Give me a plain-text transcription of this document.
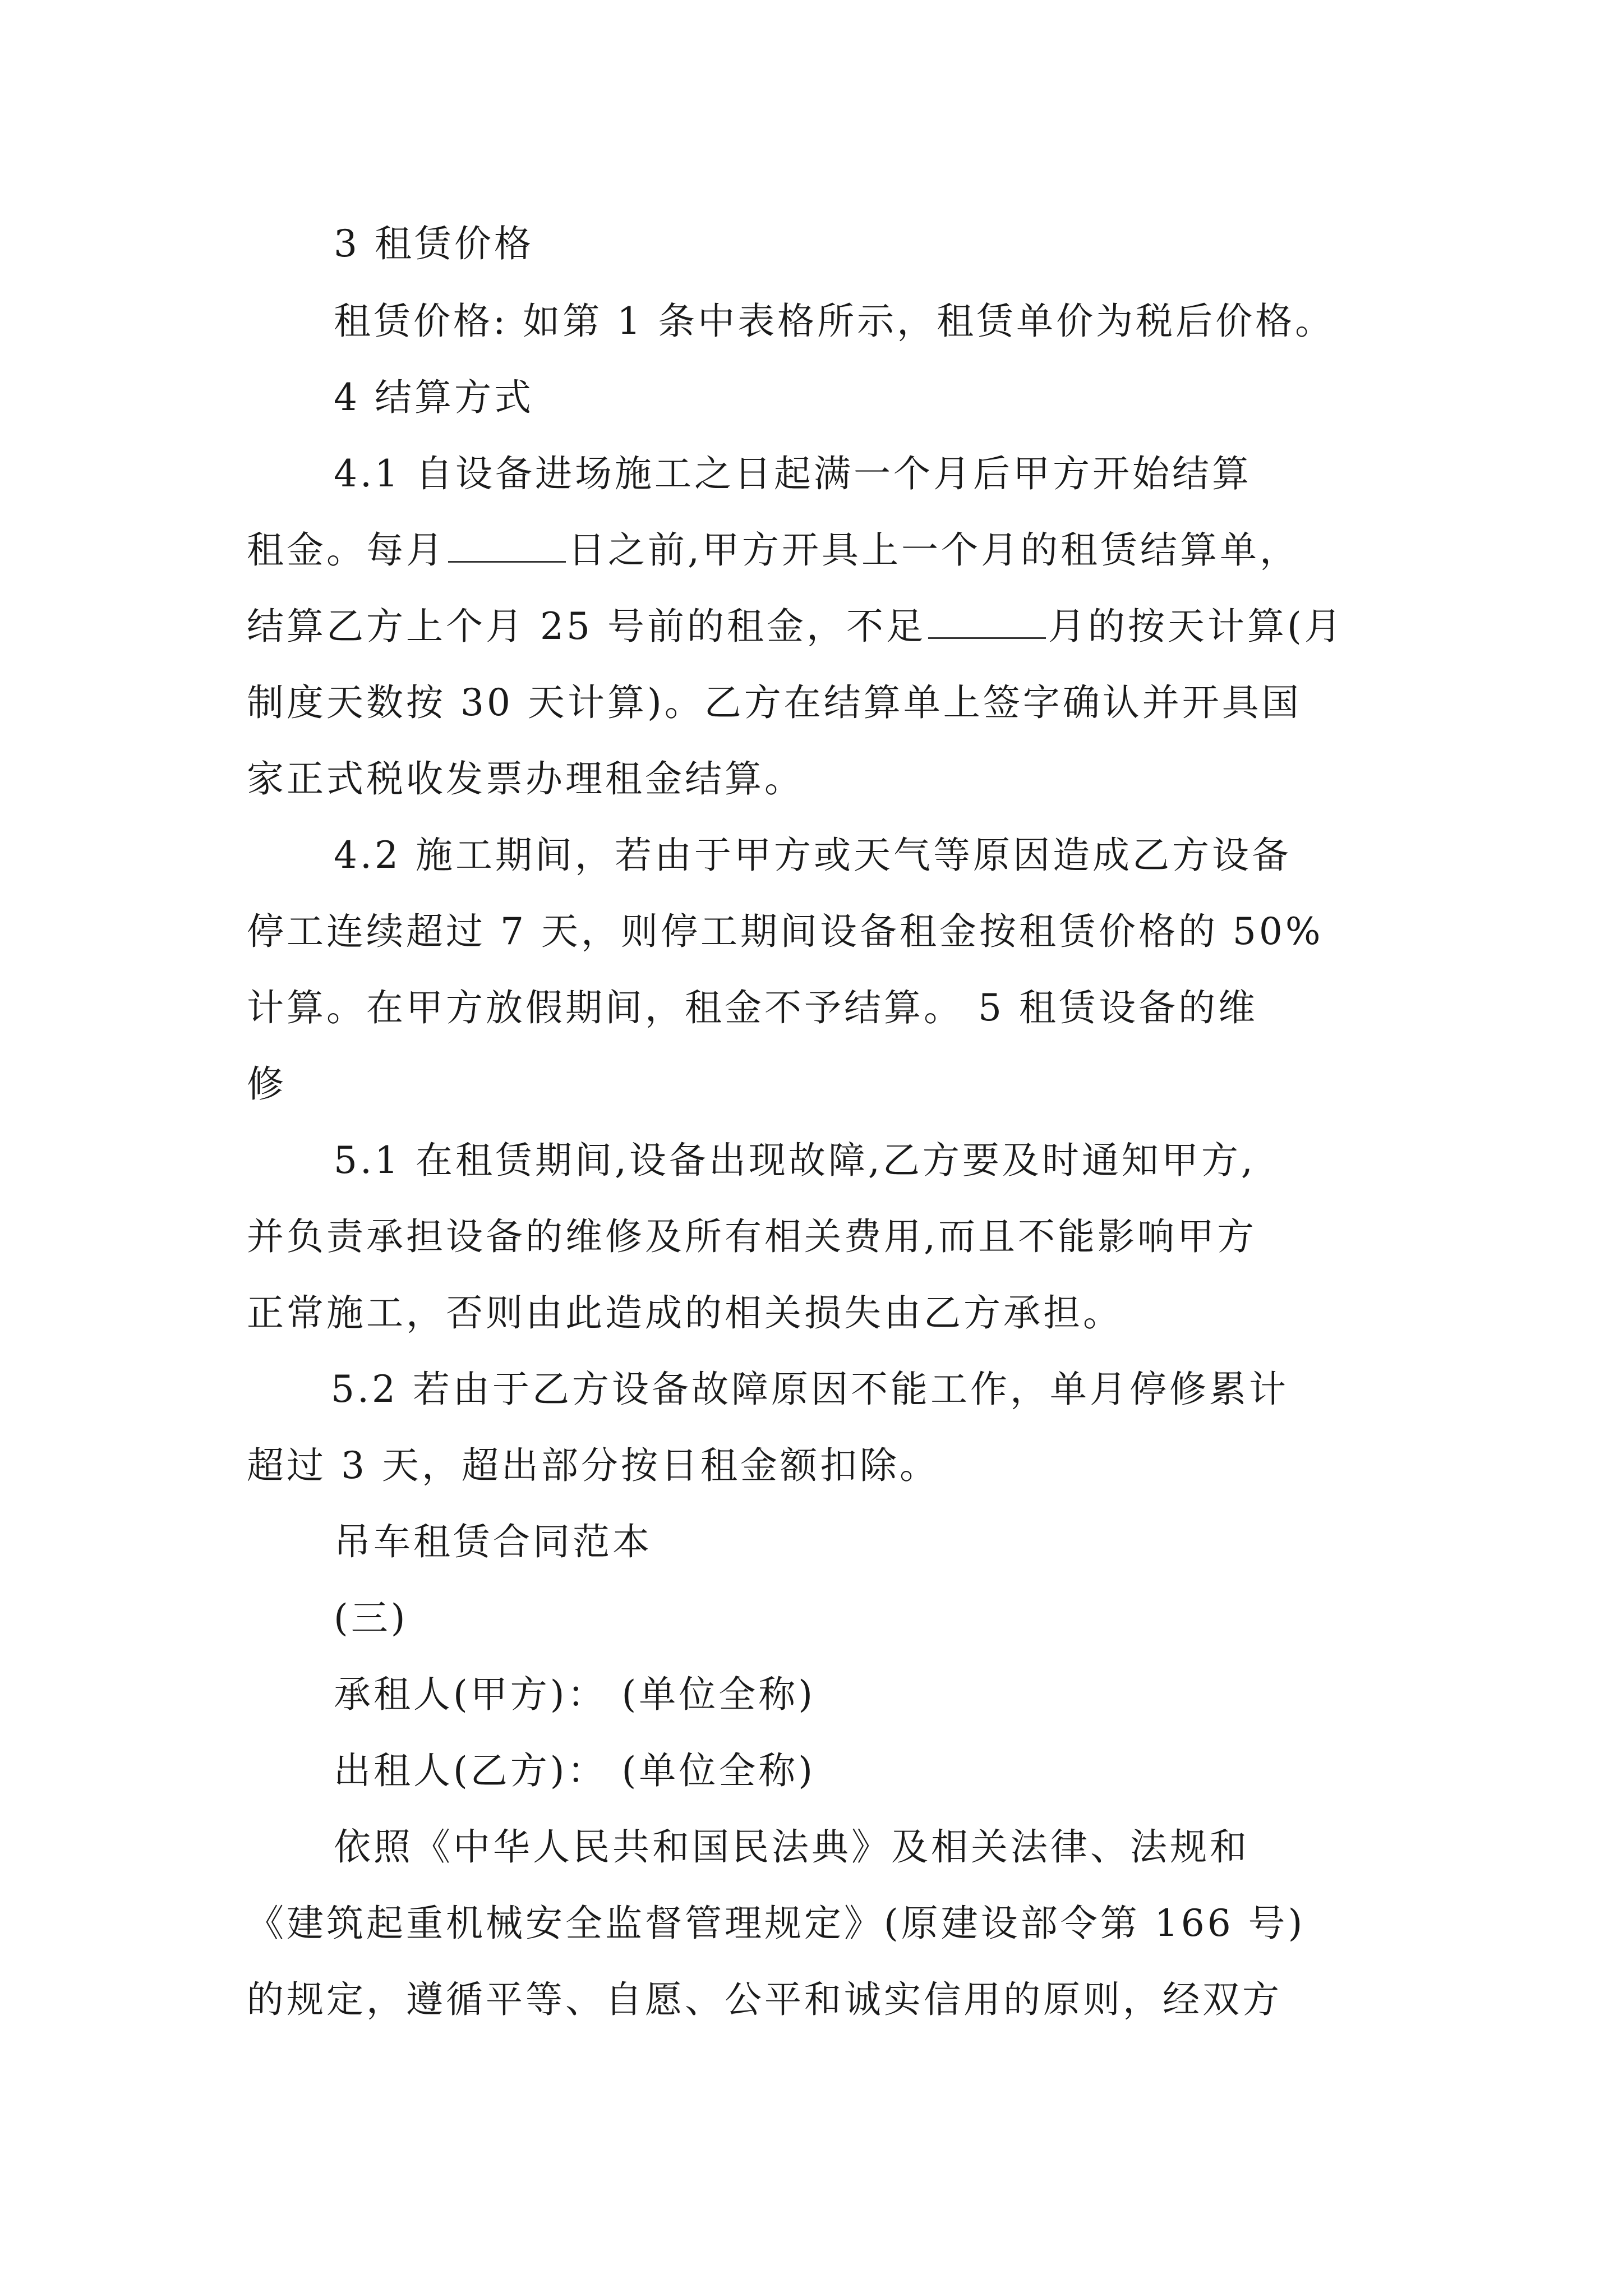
3 租赁价格
租赁价格: 如第 1 条中表格所示，租赁单价为税后价格。
4 结算方式
4.1 自设备进场施工之日起满一个月后甲方开始结算
租金。每月	日之前,甲方开具上一个月的租赁结算单，
结算乙方上个月 25 号前的租金，不足	月的按天计算(月
制度天数按 30 天计算)。乙方在结算单上签字确认并开具国
家正式税收发票办理租金结算。
4.2 施工期间，若由于甲方或天气等原因造成乙方设备
停工连续超过 7 天，则停工期间设备租金按租赁价格的 50%
计算。在甲方放假期间，租金不予结算。 5 租赁设备的维
修
5.1 在租赁期间,设备出现故障,乙方要及时通知甲方,
并负责承担设备的维修及所有相关费用,而且不能影响甲方
正常施工，否则由此造成的相关损失由乙方承担。
5.2 若由于乙方设备故障原因不能工作，单月停修累计
超过 3 天，超出部分按日租金额扣除。
吊车租赁合同范本
(三)
承租人(甲方)： (单位全称)
出租人(乙方)： (单位全称)
依照《中华人民共和国民法典》及相关法律、法规和
《建筑起重机械安全监督管理规定》(原建设部令第 166 号)
的规定，遵循平等、自愿、公平和诚实信用的原则，经双方
